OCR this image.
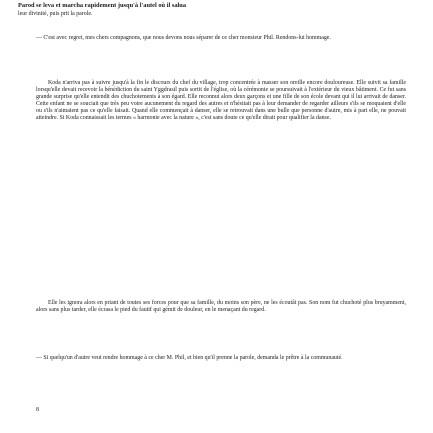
Parod se leva et marcha rapidement jusqu'à l'autel où il salua
leur divinité, puis prit la parole.

— C'est avec regret, mes chers compagnons, que nous devons nous séparer de ce cher monsieur Phil. Rendons-lui hommage.

Koda n'arriva pas à suivre jusqu'à la fin le discours du chef du village, trop concentrée à masser son oreille encore douloureuse. Elle suivit sa famille lorsqu'elle devait recevoir la bénédiction du saint Yggdrasil puis sortit de l'église, où la cérémonie se poursuivait à l'extérieur du vieux bâtiment. Ce fut sans grande surprise qu'elle entendit des chuchotements à son égard. Elle reconnut alors deux garçons et une fille de son école devant qui il lui arrivait de danser. Cette enfant ne se souciait que très peu voire aucunement du regard des autres et n'hésitait pas à leur demander de regarder ailleurs s'ils se moquaient d'elle ou s'ils n'aimaient pas ce qu'elle faisait. Quand elle commençait à danser, elle se retrouvait dans une bulle que personne d'autre, mis à part elle, ne pouvait atteindre. Si Koda connaissait les termes « harmonie avec la nature », c'est sans doute ce qu'elle dirait pour qualifier la danse.

Elle les ignora alors en priant de toutes ses forces pour que sa famille, du moins son père, ne les écoutât pas. Son nom fut chuchoté plus bruyamment, alors sans plus tarder, elle écrasa le pied du fautif qui gémit de douleur, en le menaçant du regard.

— Si quelqu'un d'autre veut rendre hommage à ce cher M. Phil, et bien qu'il prenne la parole, demanda le prêtre à la communauté.

8
